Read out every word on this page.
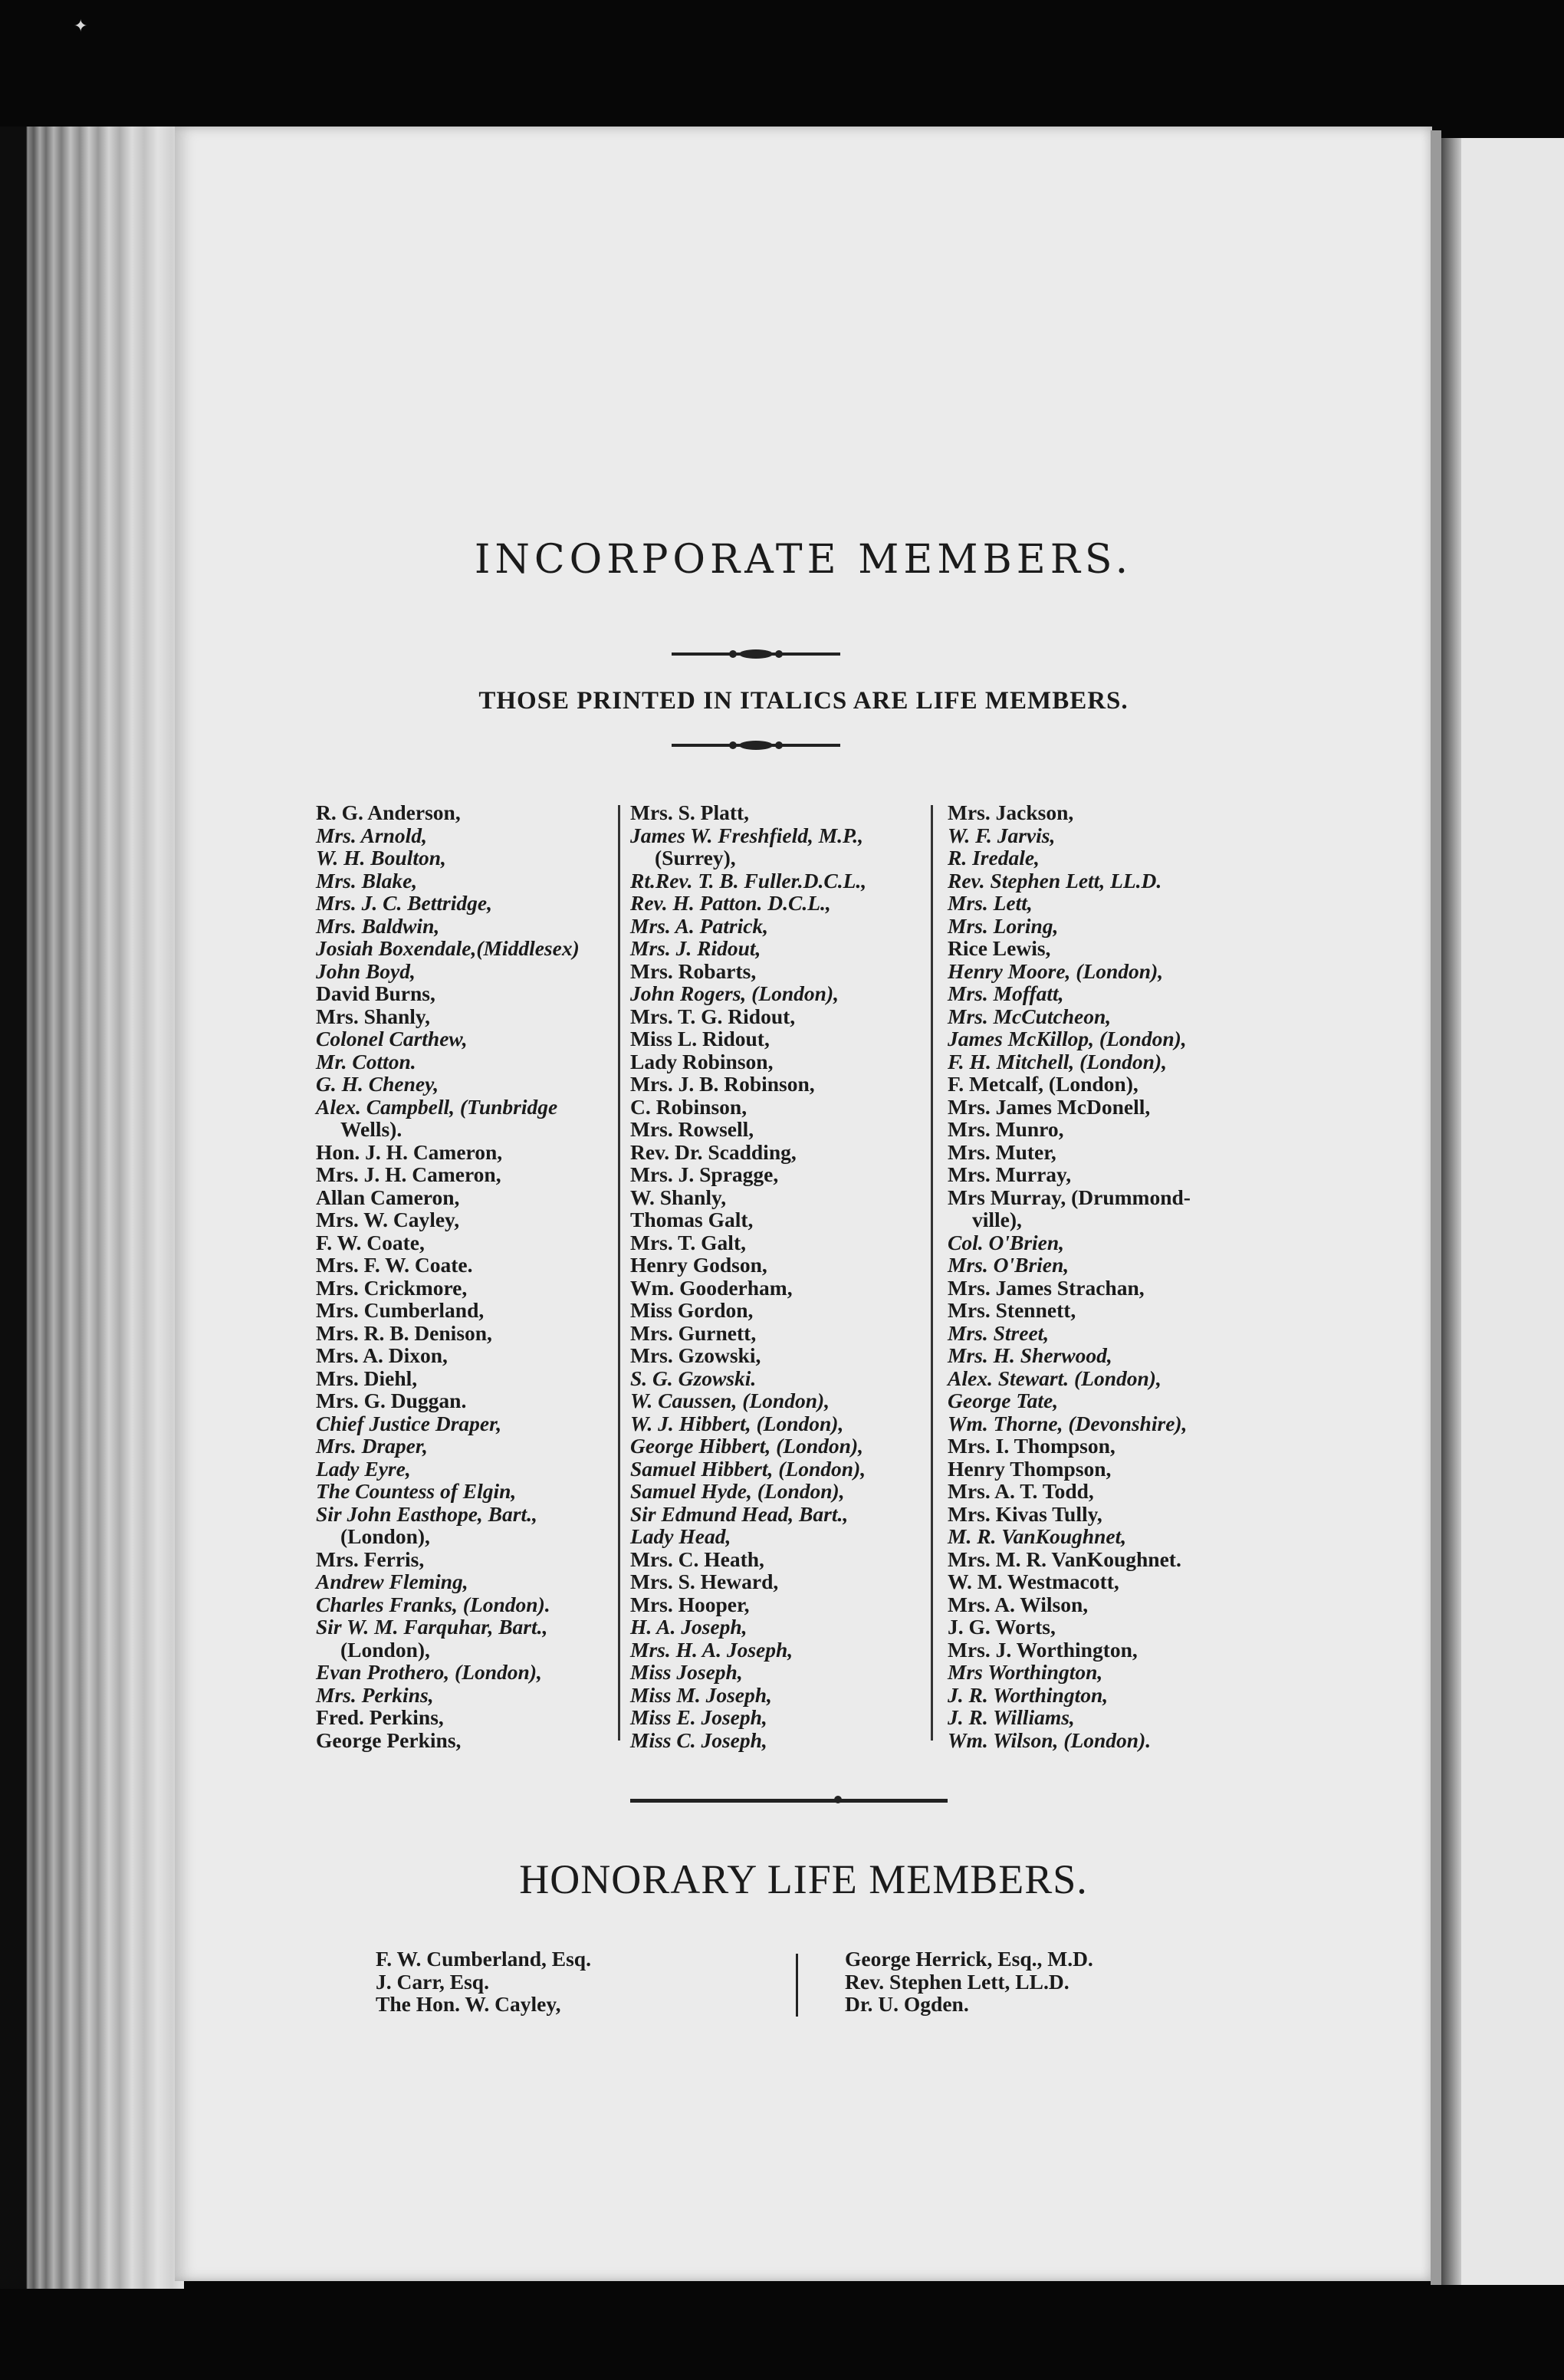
✦
INCORPORATE MEMBERS.
THOSE PRINTED IN ITALICS ARE LIFE MEMBERS.
R. G. Anderson,
Mrs. Arnold,
W. H. Boulton,
Mrs. Blake,
Mrs. J. C. Bettridge,
Mrs. Baldwin,
Josiah Boxendale,(Middlesex)
John Boyd,
David Burns,
Mrs. Shanly,
Colonel Carthew,
Mr. Cotton.
G. H. Cheney,
Alex. Campbell, (Tunbridge
Wells).
Hon. J. H. Cameron,
Mrs. J. H. Cameron,
Allan Cameron,
Mrs. W. Cayley,
F. W. Coate,
Mrs. F. W. Coate.
Mrs. Crickmore,
Mrs. Cumberland,
Mrs. R. B. Denison,
Mrs. A. Dixon,
Mrs. Diehl,
Mrs. G. Duggan.
Chief Justice Draper,
Mrs. Draper,
Lady Eyre,
The Countess of Elgin,
Sir John Easthope, Bart.,
(London),
Mrs. Ferris,
Andrew Fleming,
Charles Franks, (London).
Sir W. M. Farquhar, Bart.,
(London),
Evan Prothero, (London),
Mrs. Perkins,
Fred. Perkins,
George Perkins,
Mrs. S. Platt,
James W. Freshfield, M.P.,
(Surrey),
Rt.Rev. T. B. Fuller.D.C.L.,
Rev. H. Patton. D.C.L.,
Mrs. A. Patrick,
Mrs. J. Ridout,
Mrs. Robarts,
John Rogers, (London),
Mrs. T. G. Ridout,
Miss L. Ridout,
Lady Robinson,
Mrs. J. B. Robinson,
C. Robinson,
Mrs. Rowsell,
Rev. Dr. Scadding,
Mrs. J. Spragge,
W. Shanly,
Thomas Galt,
Mrs. T. Galt,
Henry Godson,
Wm. Gooderham,
Miss Gordon,
Mrs. Gurnett,
Mrs. Gzowski,
S. G. Gzowski.
W. Caussen, (London),
W. J. Hibbert, (London),
George Hibbert, (London),
Samuel Hibbert, (London),
Samuel Hyde, (London),
Sir Edmund Head, Bart.,
Lady Head,
Mrs. C. Heath,
Mrs. S. Heward,
Mrs. Hooper,
H. A. Joseph,
Mrs. H. A. Joseph,
Miss Joseph,
Miss M. Joseph,
Miss E. Joseph,
Miss C. Joseph,
Mrs. Jackson,
W. F. Jarvis,
R. Iredale,
Rev. Stephen Lett, LL.D.
Mrs. Lett,
Mrs. Loring,
Rice Lewis,
Henry Moore, (London),
Mrs. Moffatt,
Mrs. McCutcheon,
James McKillop, (London),
F. H. Mitchell, (London),
F. Metcalf, (London),
Mrs. James McDonell,
Mrs. Munro,
Mrs. Muter,
Mrs. Murray,
Mrs Murray, (Drummond-
ville),
Col. O'Brien,
Mrs. O'Brien,
Mrs. James Strachan,
Mrs. Stennett,
Mrs. Street,
Mrs. H. Sherwood,
Alex. Stewart. (London),
George Tate,
Wm. Thorne, (Devonshire),
Mrs. I. Thompson,
Henry Thompson,
Mrs. A. T. Todd,
Mrs. Kivas Tully,
M. R. VanKoughnet,
Mrs. M. R. VanKoughnet.
W. M. Westmacott,
Mrs. A. Wilson,
J. G. Worts,
Mrs. J. Worthington,
Mrs Worthington,
J. R. Worthington,
J. R. Williams,
Wm. Wilson, (London).
HONORARY LIFE MEMBERS.
F. W. Cumberland, Esq.
J. Carr, Esq.
The Hon. W. Cayley,
George Herrick, Esq., M.D.
Rev. Stephen Lett, LL.D.
Dr. U. Ogden.
